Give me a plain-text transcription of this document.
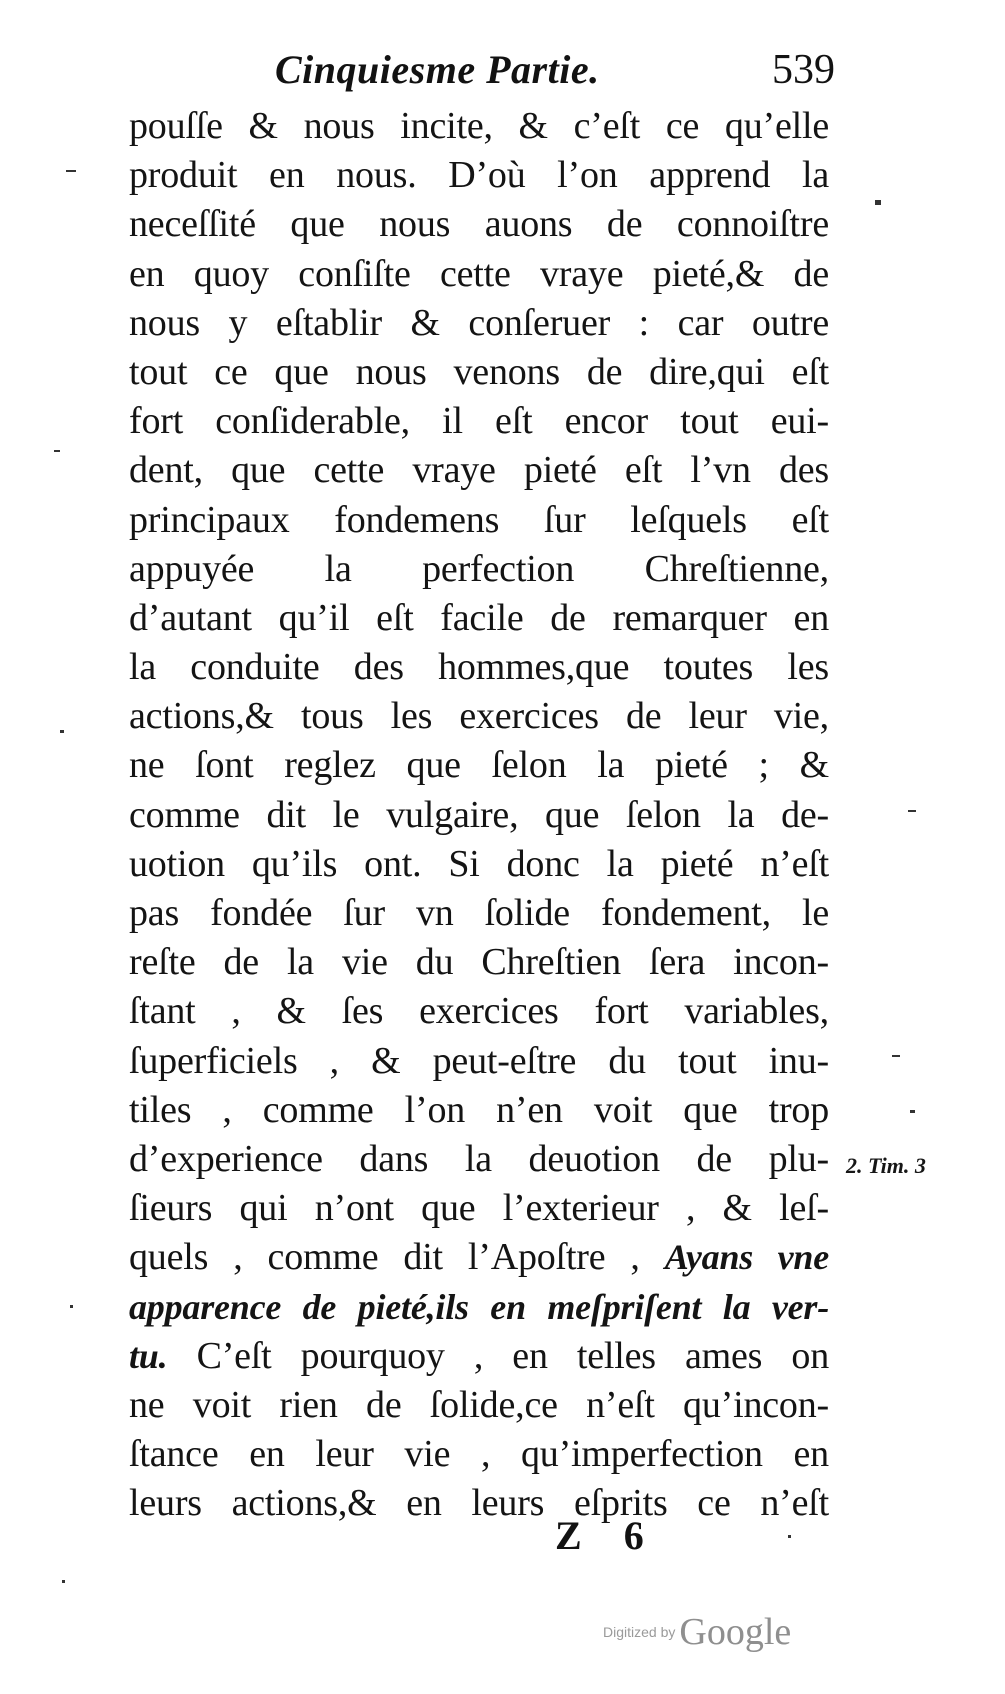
Cinquiesme Partie.	539
pouſſe & nous incite, & c’eſt ce qu’elle
produit en nous. D’où l’on apprend la
neceſſité que nous auons de connoiſtre
en quoy conſiſte cette vraye pieté,& de
nous y eſtablir & conſeruer : car outre
tout ce que nous venons de dire,qui eſt
fort conſiderable, il eſt encor tout eui-
dent, que cette vraye pieté eſt l’vn des
principaux fondemens ſur leſquels eſt
appuyée la perfection Chreſtienne,
d’autant qu’il eſt facile de remarquer en
la conduite des hommes,que toutes les
actions,& tous les exercices de leur vie,
ne ſont reglez que ſelon la pieté ; &
comme dit le vulgaire, que ſelon la de-
uotion qu’ils ont. Si donc la pieté n’eſt
pas fondée ſur vn ſolide fondement, le
reſte de la vie du Chreſtien ſera incon-
ſtant , & ſes exercices fort variables,
ſuperficiels , & peut-eſtre du tout inu-
tiles , comme l’on n’en voit que trop
d’experience dans la deuotion de plu-
ſieurs qui n’ont que l’exterieur , & leſ-
quels , comme dit l’Apoſtre , Ayans vne
apparence de pieté,ils en meſpriſent la ver-
tu. C’eſt pourquoy , en telles ames on
ne voit rien de ſolide,ce n’eſt qu’incon-
ſtance en leur vie , qu’imperfection en
leurs actions,& en leurs eſprits ce n’eſt
2. Tim. 3
Z 6
Digitized by Google
